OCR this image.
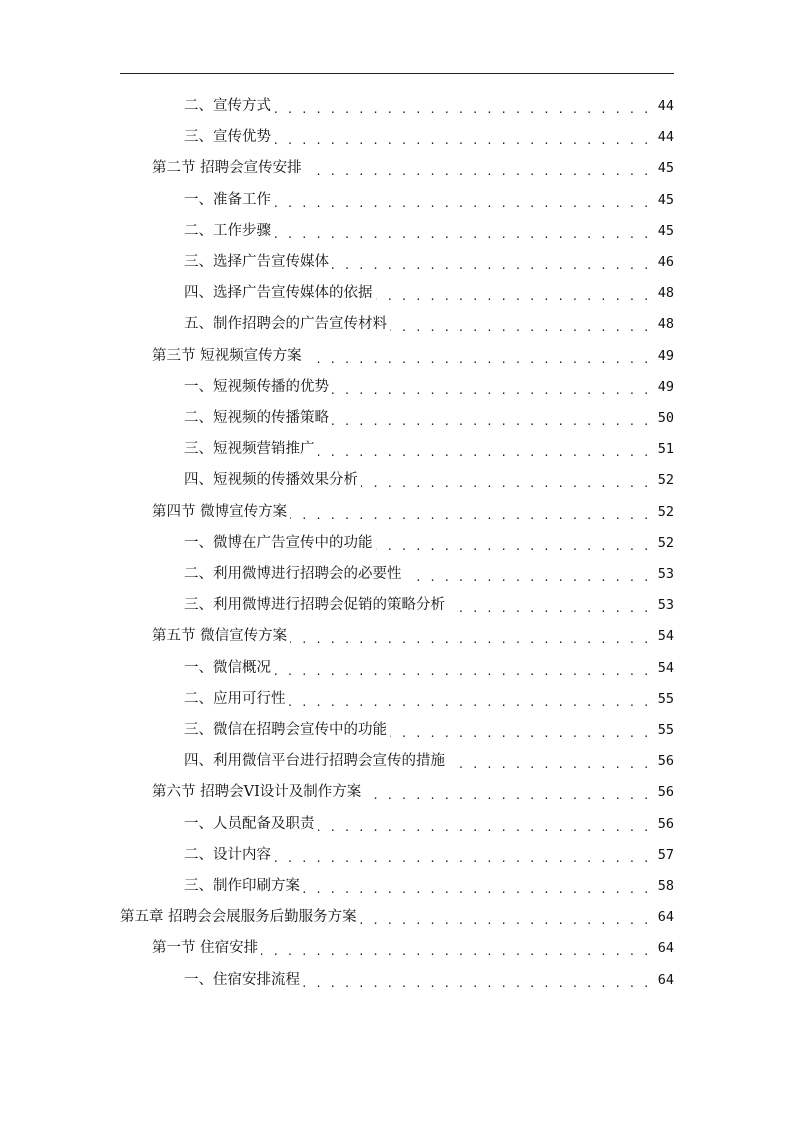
二、宣传方式 . . .	44
三、宣传优势 . . .	44
第二节 招聘会宣传安排 . . .	45
一、准备工作 . . .	45
二、工作步骤 . . .	45
三、选择广告宣传媒体 . . .	46
四、选择广告宣传媒体的依据 . . .	48
五、制作招聘会的广告宣传材料 . . .	48
第三节 短视频宣传方案 . . .	49
一、短视频传播的优势 . . .	49
二、短视频的传播策略 . . .	50
三、短视频营销推广 . . .	51
四、短视频的传播效果分析 . . .	52
第四节 微博宣传方案 . . .	52
一、微博在广告宣传中的功能 . . .	52
二、利用微博进行招聘会的必要性 . . .	53
三、利用微博进行招聘会促销的策略分析 . . .	53
第五节 微信宣传方案 . . .	54
一、微信概况 . . .	54
二、应用可行性 . . .	55
三、微信在招聘会宣传中的功能 . . .	55
四、利用微信平台进行招聘会宣传的措施 . . .	56
第六节 招聘会VI设计及制作方案 . . .	56
一、人员配备及职责 . . .	56
二、设计内容 . . .	57
三、制作印刷方案 . . .	58
第五章 招聘会会展服务后勤服务方案 . . .	64
第一节 住宿安排 . . .	64
一、住宿安排流程 . . .	64
